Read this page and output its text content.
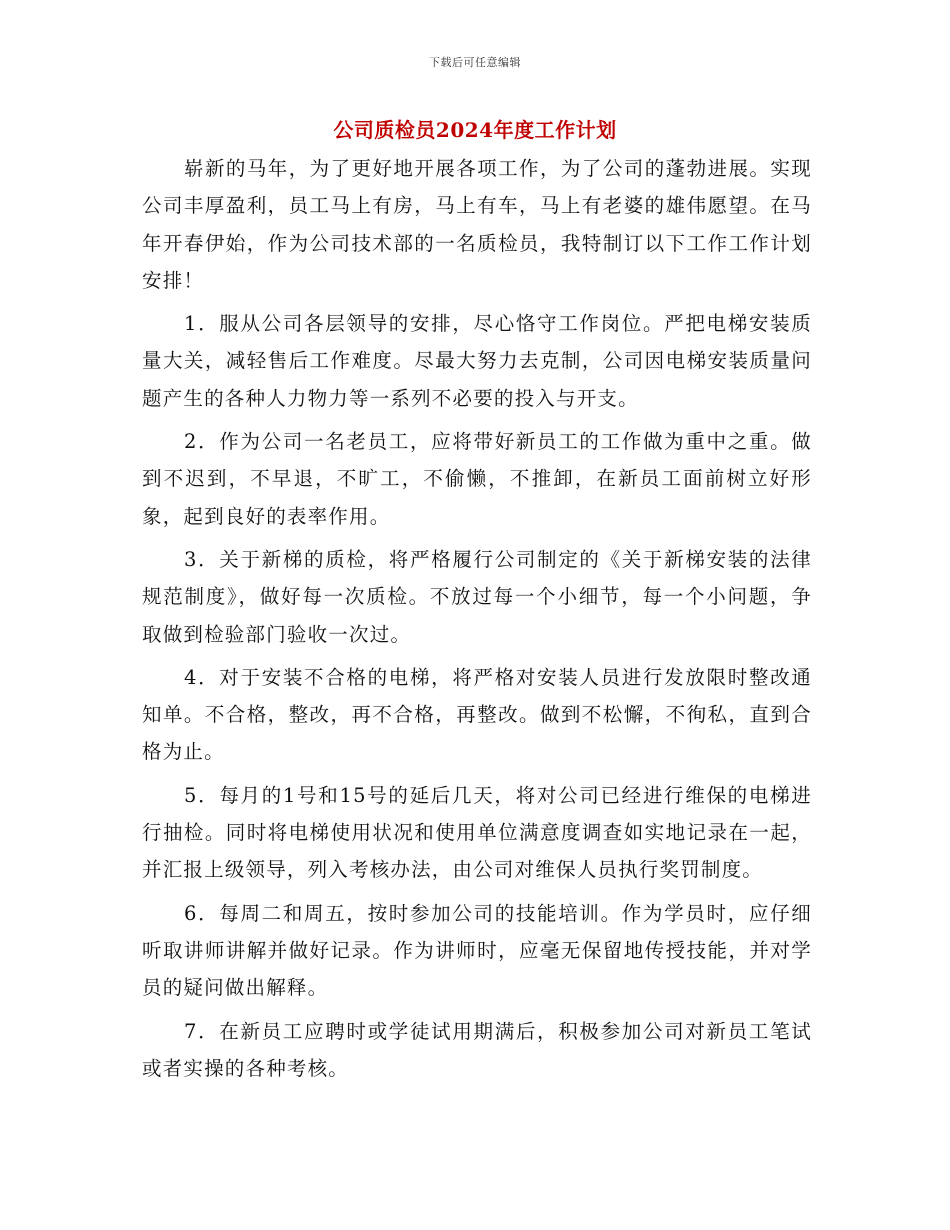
下载后可任意编辑
公司质检员2024年度工作计划

崭新的马年，为了更好地开展各项工作，为了公司的蓬勃进展。实现公司丰厚盈利，员工马上有房，马上有车，马上有老婆的雄伟愿望。在马年开春伊始，作为公司技术部的一名质检员，我特制订以下工作工作计划安排！

1．服从公司各层领导的安排，尽心恪守工作岗位。严把电梯安装质量大关，减轻售后工作难度。尽最大努力去克制，公司因电梯安装质量问题产生的各种人力物力等一系列不必要的投入与开支。

2．作为公司一名老员工，应将带好新员工的工作做为重中之重。做到不迟到，不早退，不旷工，不偷懒，不推卸，在新员工面前树立好形象，起到良好的表率作用。

3．关于新梯的质检，将严格履行公司制定的《关于新梯安装的法律规范制度》，做好每一次质检。不放过每一个小细节，每一个小问题，争取做到检验部门验收一次过。

4．对于安装不合格的电梯，将严格对安装人员进行发放限时整改通知单。不合格，整改，再不合格，再整改。做到不松懈，不徇私，直到合格为止。

5．每月的1号和15号的延后几天，将对公司已经进行维保的电梯进行抽检。同时将电梯使用状况和使用单位满意度调查如实地记录在一起，并汇报上级领导，列入考核办法，由公司对维保人员执行奖罚制度。

6．每周二和周五，按时参加公司的技能培训。作为学员时，应仔细听取讲师讲解并做好记录。作为讲师时，应毫无保留地传授技能，并对学员的疑问做出解释。

7．在新员工应聘时或学徒试用期满后，积极参加公司对新员工笔试或者实操的各种考核。
